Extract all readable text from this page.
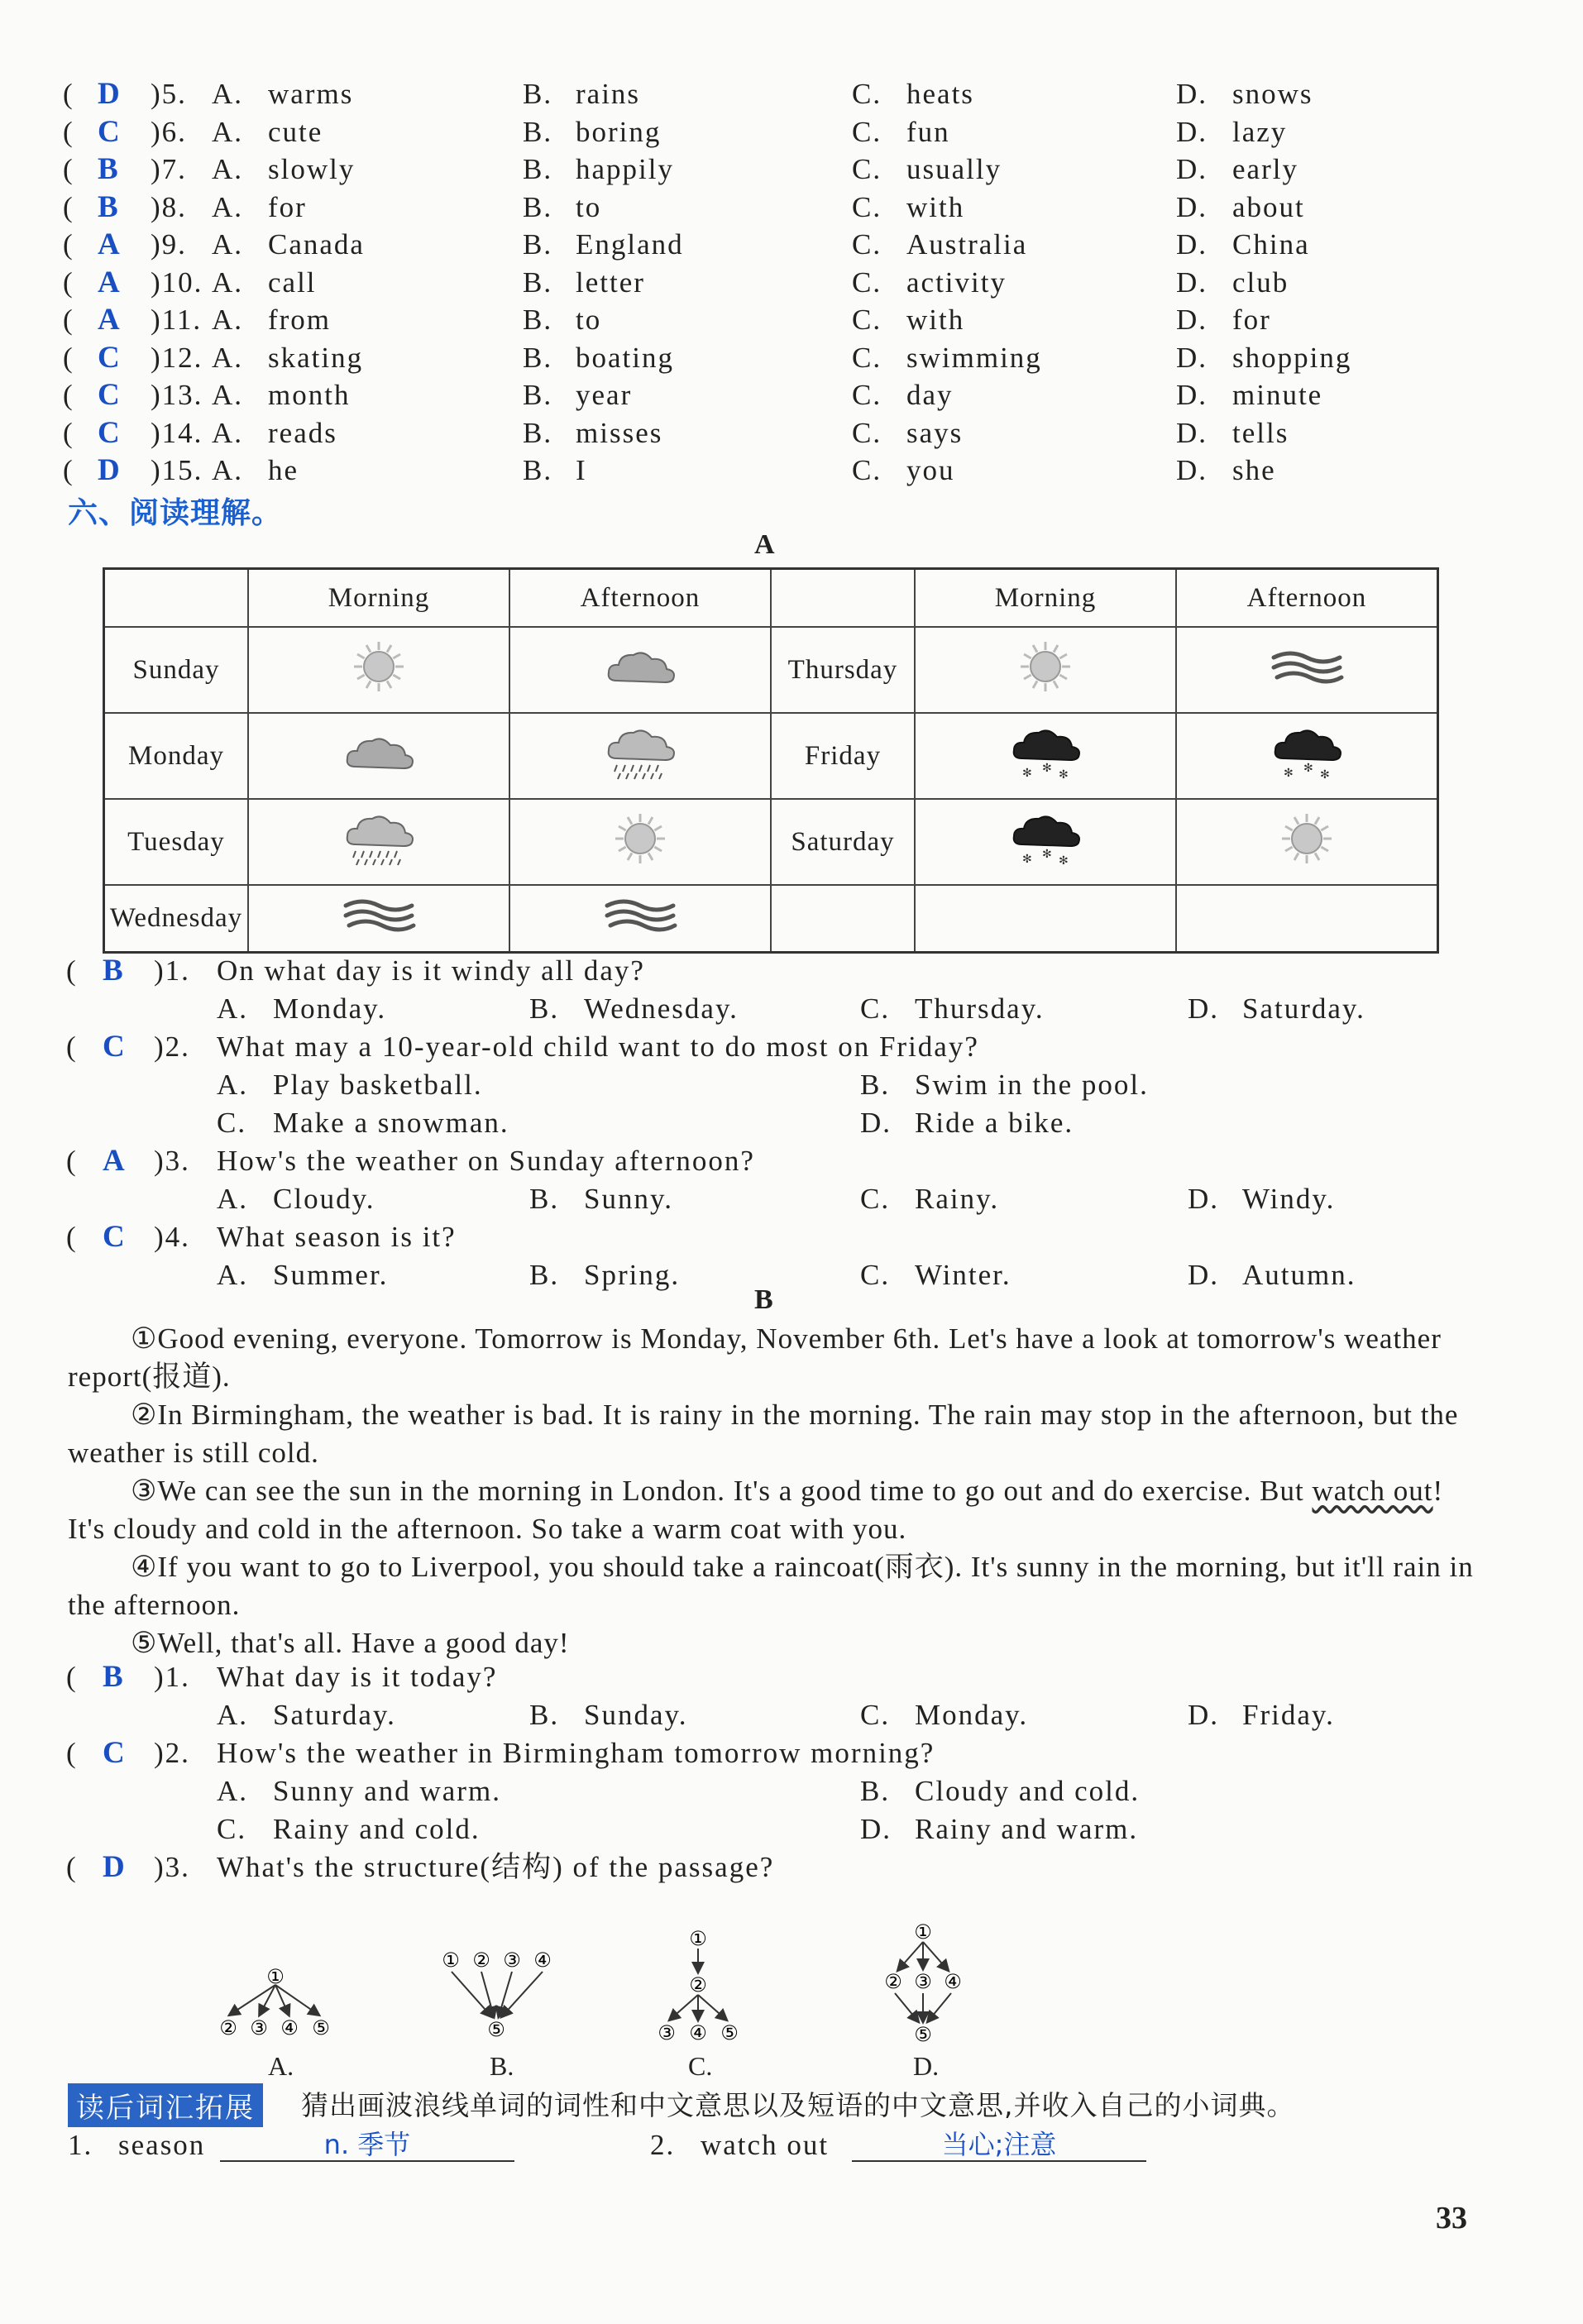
( D )5. A. warms	B. rains	C. heats	D. snows
( C )6. A. cute	B. boring	C. fun	D. lazy
( B )7. A. slowly	B. happily	C. usually	D. early
( B )8. A. for	B. to	C. with	D. about
( A )9. A. Canada	B. England	C. Australia	D. China
( A )10. A. call	B. letter	C. activity	D. club
( A )11. A. from	B. to	C. with	D. for
( C )12. A. skating	B. boating	C. swimming	D. shopping
( C )13. A. month	B. year	C. day	D. minute
( C )14. A. reads	B. misses	C. says	D. tells
( D )15. A. he	B. I	C. you	D. she
六、阅读理解。
A
	Morning	Afternoon		Morning	Afternoon
Sunday			Thursday		
Monday			Friday	✻ ✻ ✻	✻ ✻ ✻

Tuesday			Saturday	✻ ✻ ✻

Wednesday					
( B )1. On what day is it windy all day?
A. Monday.	B. Wednesday.	C. Thursday.	D. Saturday.
( C )2. What may a 10-year-old child want to do most on Friday?
A. Play basketball.	B. Swim in the pool.
C. Make a snowman.	D. Ride a bike.
( A )3. How's the weather on Sunday afternoon?
A. Cloudy.	B. Sunny.	C. Rainy.	D. Windy.
( C )4. What season is it?
A. Summer.	B. Spring.	C. Winter.	D. Autumn.
B
①Good evening, everyone. Tomorrow is Monday, November 6th. Let's have a look at tomorrow's weather report(报道).
②In Birmingham, the weather is bad. It is rainy in the morning. The rain may stop in the afternoon, but the weather is still cold.
③We can see the sun in the morning in London. It's a good time to go out and do exercise. But watch out! It's cloudy and cold in the afternoon. So take a warm coat with you.
④If you want to go to Liverpool, you should take a raincoat(雨衣). It's sunny in the morning, but it'll rain in the afternoon.
⑤Well, that's all. Have a good day!
( B )1. What day is it today?
A. Saturday.	B. Sunday.	C. Monday.	D. Friday.
( C )2. How's the weather in Birmingham tomorrow morning?
A. Sunny and warm.	B. Cloudy and cold.
C. Rainy and cold.	D. Rainy and warm.
( D )3. What's the structure(结构) of the passage?
①
② ③ ④ ⑤
① ② ③ ④
⑤
①
②
③ ④ ⑤
①
② ③ ④
⑤
A.	B.	C.	D.
读后词汇拓展	猜出画波浪线单词的词性和中文意思以及短语的中文意思,并收入自己的小词典。
1. season	n. 季节	2. watch out	当心;注意
33
